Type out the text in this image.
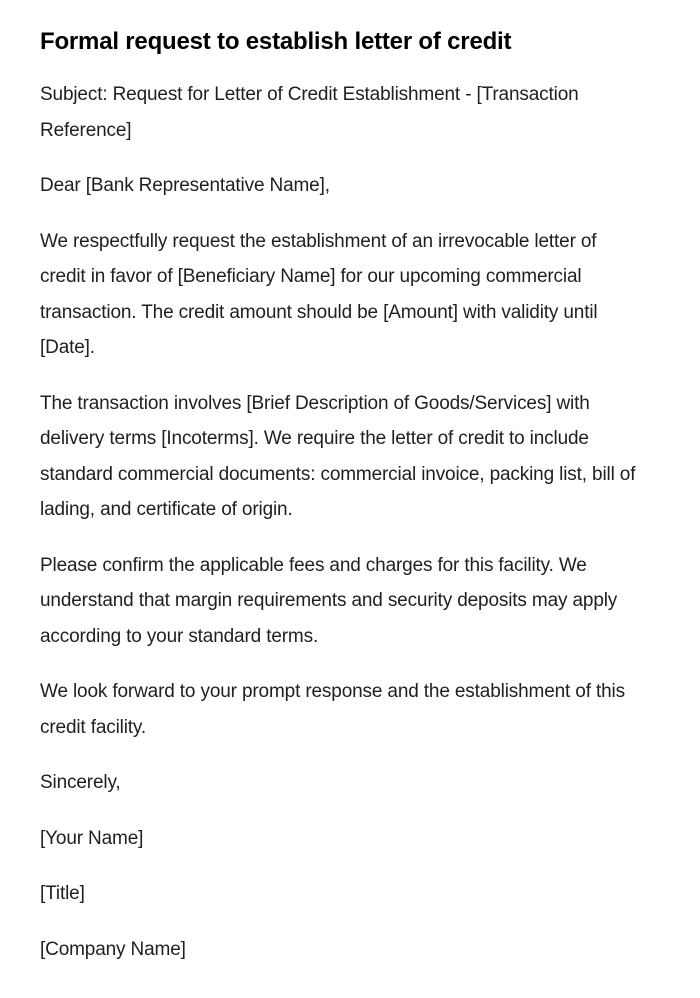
Formal request to establish letter of credit

Subject: Request for Letter of Credit Establishment - [Transaction Reference]

Dear [Bank Representative Name],

We respectfully request the establishment of an irrevocable letter of credit in favor of [Beneficiary Name] for our upcoming commercial transaction. The credit amount should be [Amount] with validity until [Date].

The transaction involves [Brief Description of Goods/Services] with delivery terms [Incoterms]. We require the letter of credit to include standard commercial documents: commercial invoice, packing list, bill of lading, and certificate of origin.

Please confirm the applicable fees and charges for this facility. We understand that margin requirements and security deposits may apply according to your standard terms.

We look forward to your prompt response and the establishment of this credit facility.

Sincerely,

[Your Name]

[Title]

[Company Name]
